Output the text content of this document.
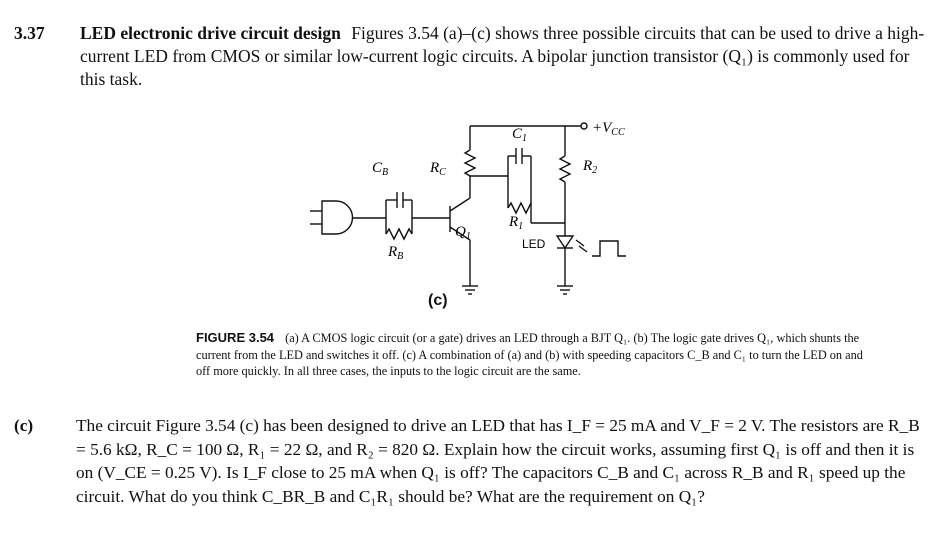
3.37 LED electronic drive circuit design Figures 3.54 (a)–(c) shows three possible circuits that can be used to drive a high-current LED from CMOS or similar low-current logic circuits. A bipolar junction transistor (Q₁) is commonly used for this task.
$C_B$	$R_C$
$C_1$
$+V_{CC}$
$R_2$
$Q_1$
$R_1$
$R_B$
LED
(c)
FIGURE 3.54 (a) A CMOS logic circuit (or a gate) drives an LED through a BJT Q₁. (b) The logic gate drives Q₁, which shunts the current from the LED and switches it off. (c) A combination of (a) and (b) with speeding capacitors C_B and C₁ to turn the LED on and off more quickly. In all three cases, the inputs to the logic circuit are the same.
(c) The circuit Figure 3.54 (c) has been designed to drive an LED that has I_F = 25 mA and V_F = 2 V. The resistors are R_B = 5.6 kΩ, R_C = 100 Ω, R₁ = 22 Ω, and R₂ = 820 Ω. Explain how the circuit works, assuming first Q₁ is off and then it is on (V_CE = 0.25 V). Is I_F close to 25 mA when Q₁ is off? The capacitors C_B and C₁ across R_B and R₁ speed up the circuit. What do you think C_BR_B and C₁R₁ should be? What are the requirement on Q₁?
